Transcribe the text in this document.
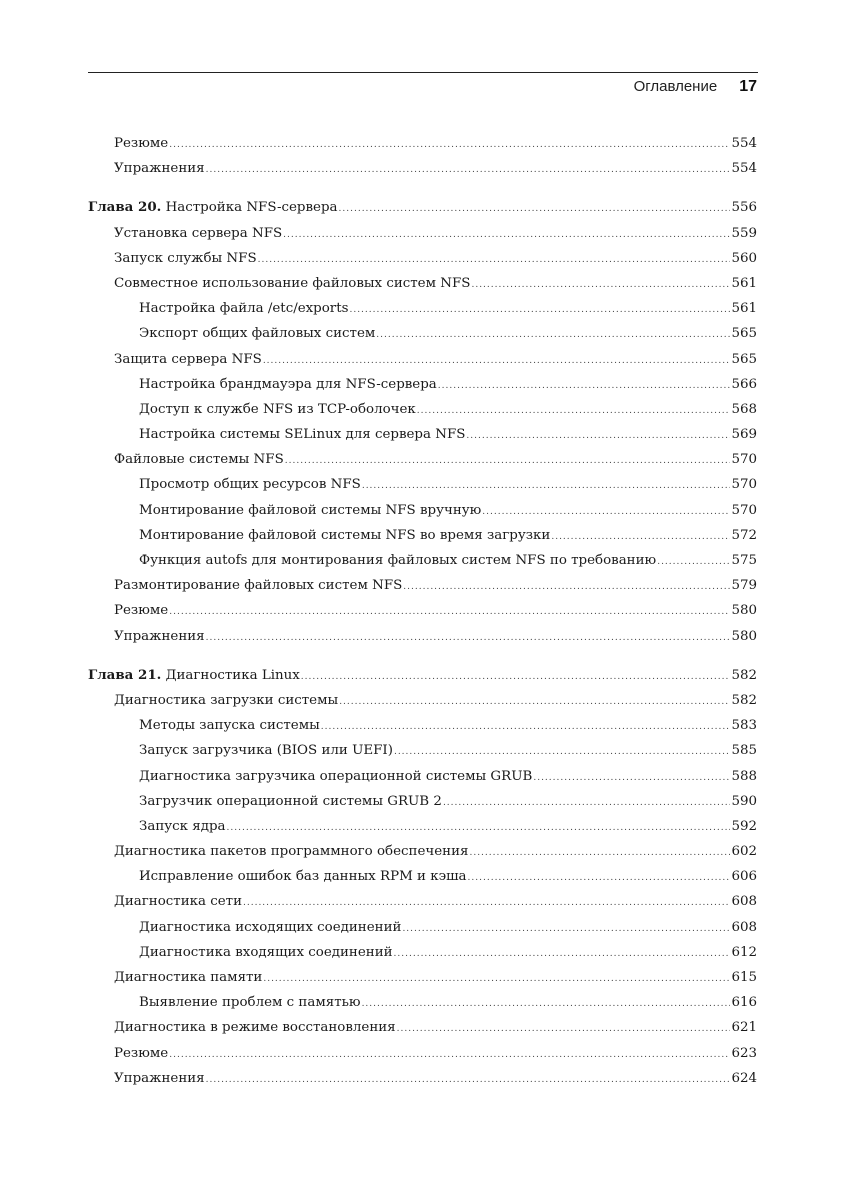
Оглавление 17
Резюме .....	554
Упражнения .....	554
Глава 20. Настройка NFS-сервера .....	556
Установка сервера NFS .....	559
Запуск службы NFS .....	560
Совместное использование файловых систем NFS .....	561
Настройка файла /etc/exports .....	561
Экспорт общих файловых систем .....	565
Защита сервера NFS .....	565
Настройка брандмауэра для NFS-сервера .....	566
Доступ к службе NFS из TCP-оболочек .....	568
Настройка системы SELinux для сервера NFS .....	569
Файловые системы NFS .....	570
Просмотр общих ресурсов NFS .....	570
Монтирование файловой системы NFS вручную .....	570
Монтирование файловой системы NFS во время загрузки .....	572
Функция autofs для монтирования файловых систем NFS по требованию .....	575
Размонтирование файловых систем NFS .....	579
Резюме .....	580
Упражнения .....	580
Глава 21. Диагностика Linux .....	582
Диагностика загрузки системы .....	582
Методы запуска системы .....	583
Запуск загрузчика (BIOS или UEFI) .....	585
Диагностика загрузчика операционной системы GRUB .....	588
Загрузчик операционной системы GRUB 2 .....	590
Запуск ядра .....	592
Диагностика пакетов программного обеспечения .....	602
Исправление ошибок баз данных RPM и кэша .....	606
Диагностика сети .....	608
Диагностика исходящих соединений .....	608
Диагностика входящих соединений .....	612
Диагностика памяти .....	615
Выявление проблем с памятью .....	616
Диагностика в режиме восстановления .....	621
Резюме .....	623
Упражнения .....	624
